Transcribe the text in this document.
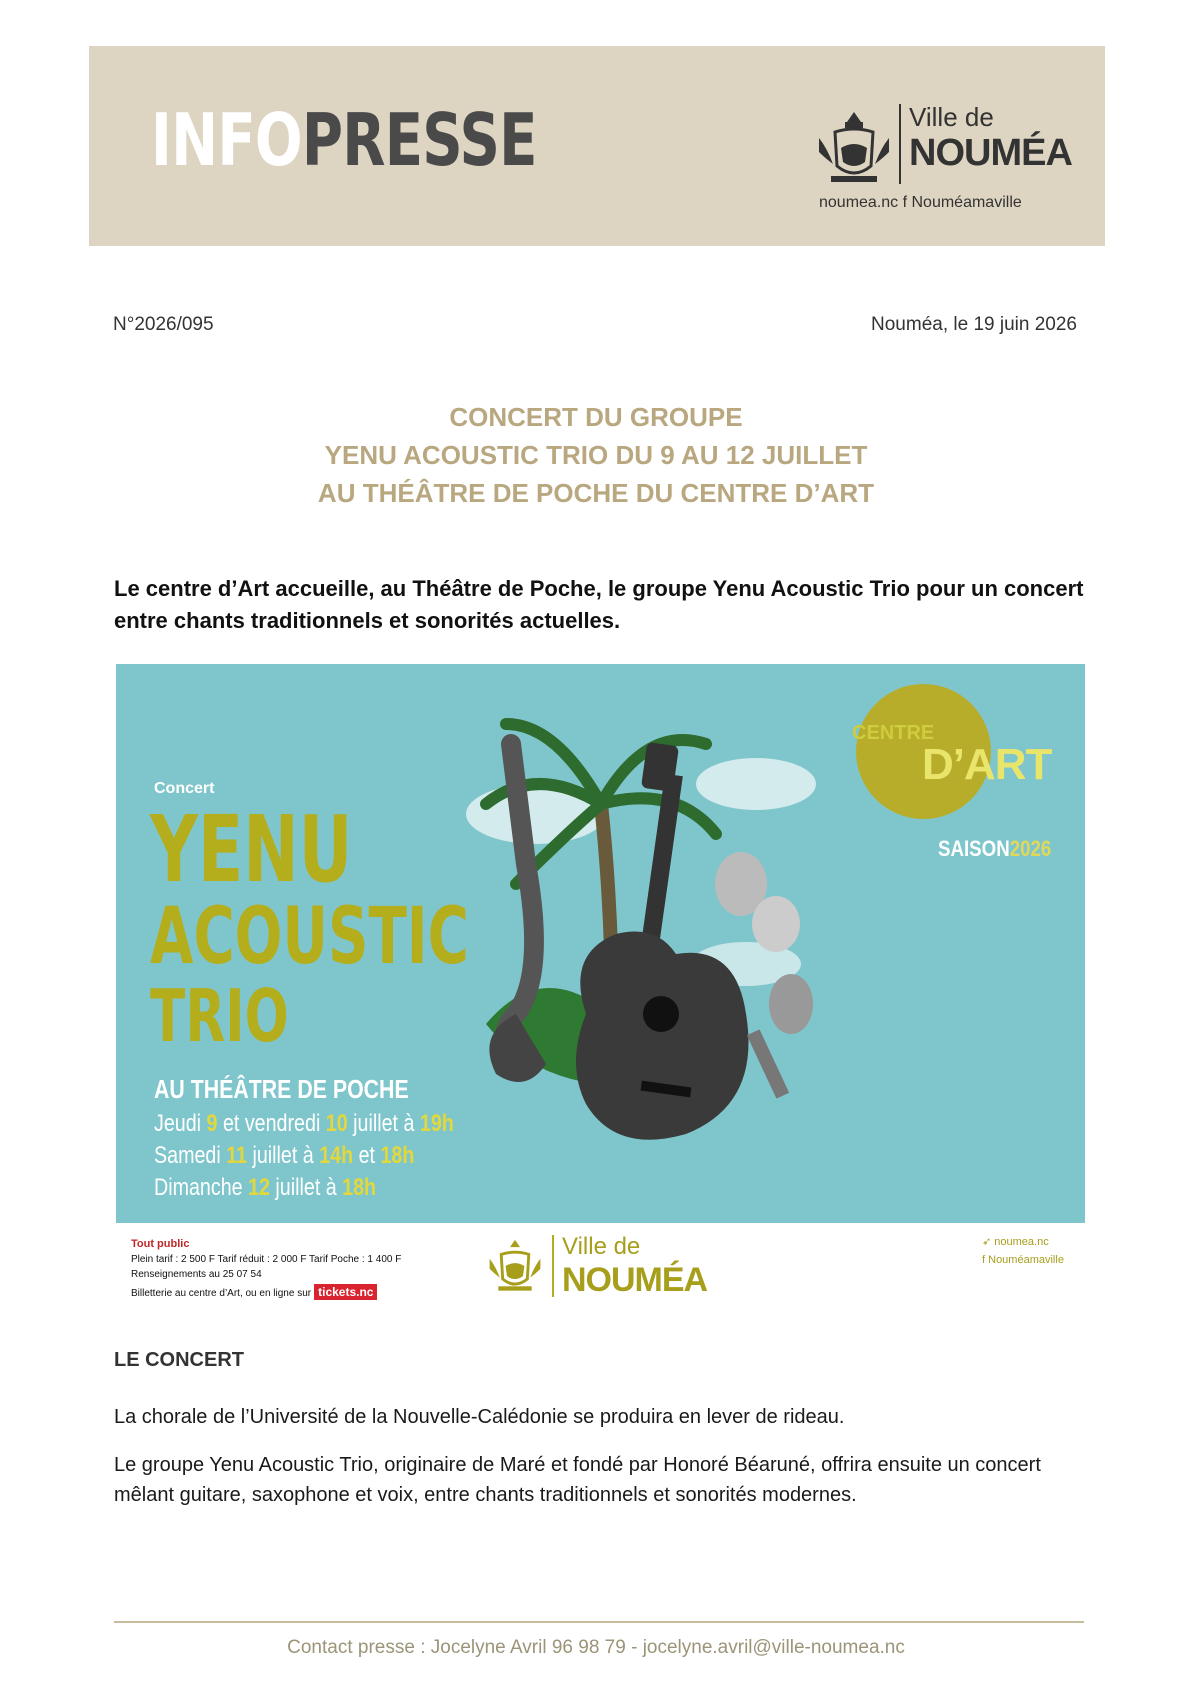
INFOPRESSE	Ville de
NOUMÉA
noumea.nc f Nouméamaville
N°2026/095	Nouméa, le 19 juin 2026
CONCERT DU GROUPE
YENU ACOUSTIC TRIO DU 9 AU 12 JUILLET
AU THÉÂTRE DE POCHE DU CENTRE D’ART
Le centre d’Art accueille, au Théâtre de Poche, le groupe Yenu Acoustic Trio pour un concert entre chants traditionnels et sonorités actuelles.
CENTRE
D’ART
SAISON2026
Concert
YENU
ACOUSTIC
TRIO
AU THÉÂTRE DE POCHE
Jeudi 9 et vendredi 10 juillet à 19h
Samedi 11 juillet à 14h et 18h
Dimanche 12 juillet à 18h
Tout public
Plein tarif : 2 500 F Tarif réduit : 2 000 F Tarif Poche : 1 400 F
Renseignements au 25 07 54
Billetterie au centre d’Art, ou en ligne sur tickets.nc
Ville de
NOUMÉA
➶ noumea.nc
f Nouméamaville
LE CONCERT
La chorale de l’Université de la Nouvelle-Calédonie se produira en lever de rideau.
Le groupe Yenu Acoustic Trio, originaire de Maré et fondé par Honoré Béaruné, offrira ensuite un concert mêlant guitare, saxophone et voix, entre chants traditionnels et sonorités modernes.
Contact presse : Jocelyne Avril 96 98 79 - jocelyne.avril@ville-noumea.nc
